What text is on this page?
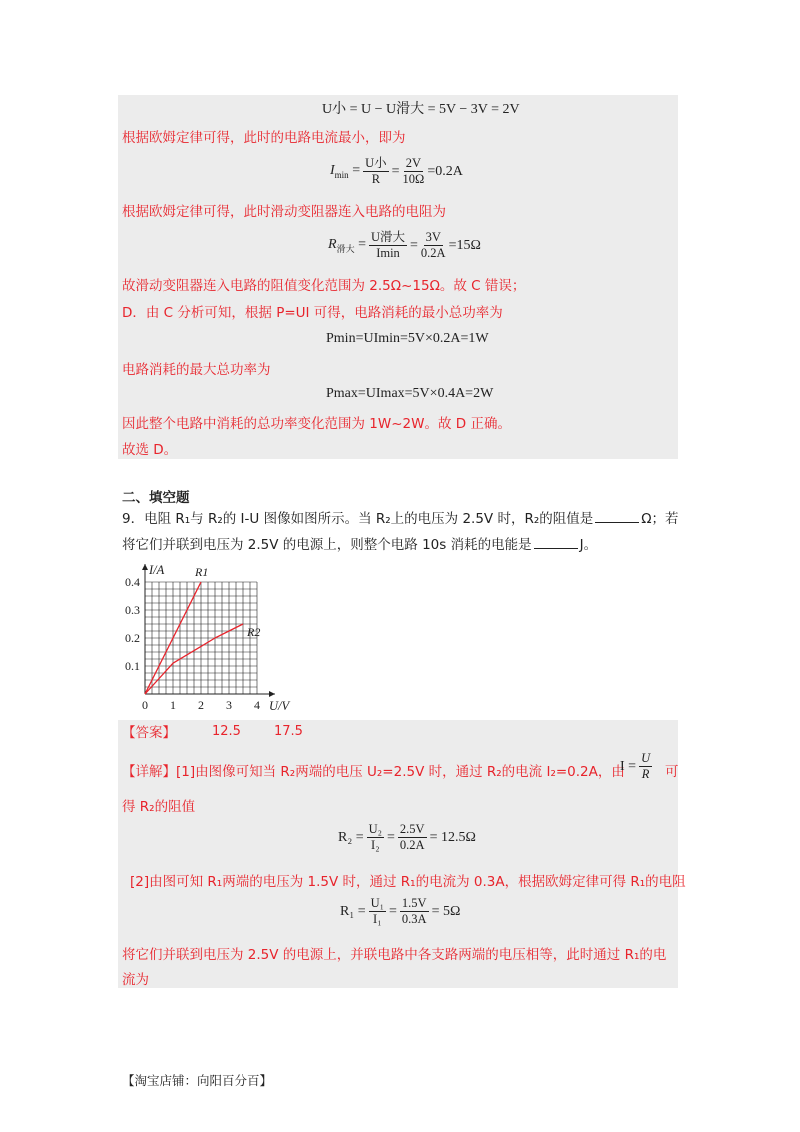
U小 = U − U滑大 = 5V − 3V = 2V
根据欧姆定律可得，此时的电路电流最小，即为
$I_{min} = \frac{\text{U小}}{R} = \frac{2V}{10\Omega} =0.2A$
根据欧姆定律可得，此时滑动变阻器连入电路的电阻为
$R_{滑大} = \frac{\text{U滑大}}{Imin} = \frac{3V}{0.2A} =15\Omega$
故滑动变阻器连入电路的阻值变化范围为 2.5Ω~15Ω。故 C 错误；
D．由 C 分析可知，根据 P=UI 可得，电路消耗的最小总功率为
Pmin=UImin=5V×0.2A=1W
电路消耗的最大总功率为
Pmax=UImax=5V×0.4A=2W
因此整个电路中消耗的总功率变化范围为 1W~2W。故 D 正确。
故选 D。
二、填空题
9．电阻 R₁与 R₂的 I-U 图像如图所示。当 R₂上的电压为 2.5V 时，R₂的阻值是	Ω；若
将它们并联到电压为 2.5V 的电源上，则整个电路 10s 消耗的电能是	J。
0 1 2 3 4
0.1
0.2
0.3
0.4
I/A
U/V
R1
R2
【答案】	12.5	17.5
【详解】[1]由图像可知当 R₂两端的电压 U₂=2.5V 时，通过 R₂的电流 I₂=0.2A，由
$I = \frac{U}{R}$ 可
得 R₂的阻值
$R_2 = \frac{\text{U₂}}{\text{I₂}} = \frac{2.5V}{0.2A} = 12.5\Omega$
[2]由图可知 R₁两端的电压为 1.5V 时，通过 R₁的电流为 0.3A，根据欧姆定律可得 R₁的电阻
$R_1 = \frac{\text{U₁}}{\text{I₁}} = \frac{1.5V}{0.3A} = 5\Omega$
将它们并联到电压为 2.5V 的电源上，并联电路中各支路两端的电压相等，此时通过 R₁的电
流为
【淘宝店铺：向阳百分百】
